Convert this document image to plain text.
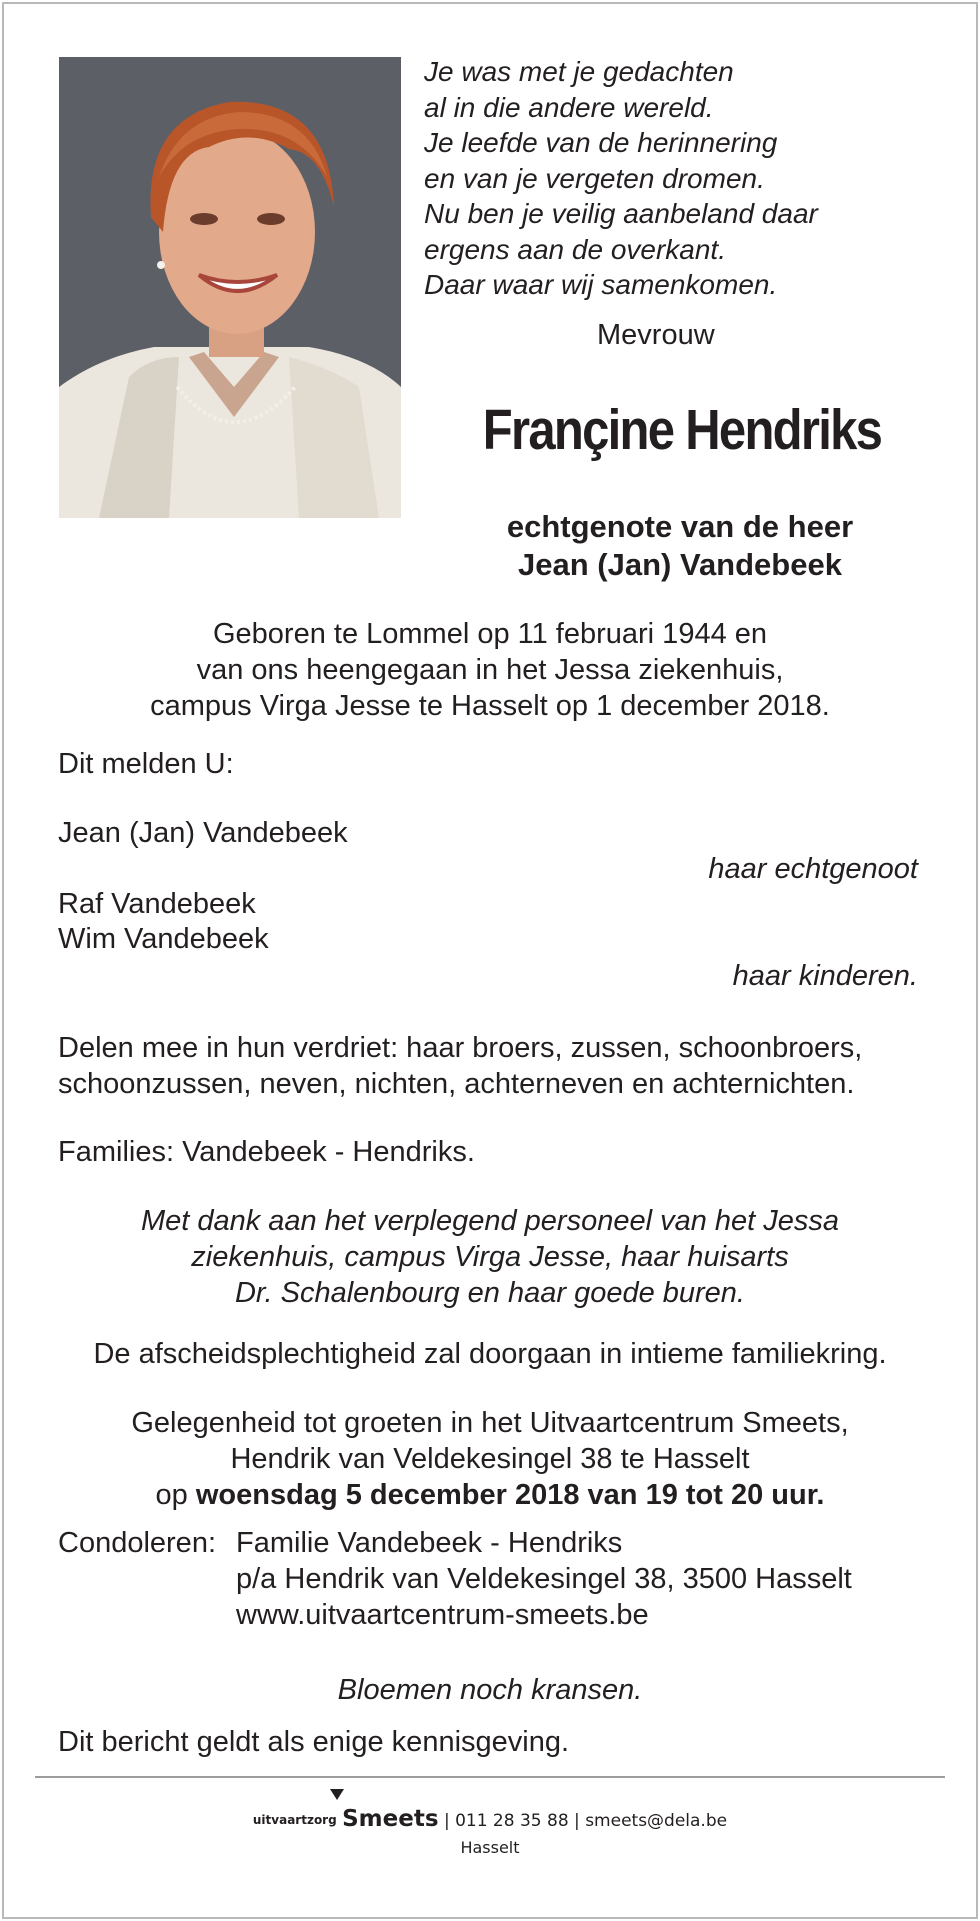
Je was met je gedachten
al in die andere wereld.
Je leefde van de herinnering
en van je vergeten dromen.
Nu ben je veilig aanbeland daar
ergens aan de overkant.
Daar waar wij samenkomen.
Mevrouw
Françine Hendriks
echtgenote van de heer
Jean (Jan) Vandebeek
Geboren te Lommel op 11 februari 1944 en
van ons heengegaan in het Jessa ziekenhuis,
campus Virga Jesse te Hasselt op 1 december 2018.
Dit melden U:
Jean (Jan) Vandebeek
haar echtgenoot
Raf Vandebeek
Wim Vandebeek
haar kinderen.
Delen mee in hun verdriet: haar broers, zussen, schoonbroers,
schoonzussen, neven, nichten, achterneven en achternichten.
Families: Vandebeek - Hendriks.
Met dank aan het verplegend personeel van het Jessa
ziekenhuis, campus Virga Jesse, haar huisarts
Dr. Schalenbourg en haar goede buren.
De afscheidsplechtigheid zal doorgaan in intieme familiekring.
Gelegenheid tot groeten in het Uitvaartcentrum Smeets,
Hendrik van Veldekesingel 38 te Hasselt
op woensdag 5 december 2018 van 19 tot 20 uur.
Condoleren: Familie Vandebeek - Hendriks
p/a Hendrik van Veldekesingel 38, 3500 Hasselt
www.uitvaartcentrum-smeets.be
Bloemen noch kransen.
Dit bericht geldt als enige kennisgeving.
uitvaartzorg Smeets | 011 28 35 88 | smeets@dela.be
Hasselt
